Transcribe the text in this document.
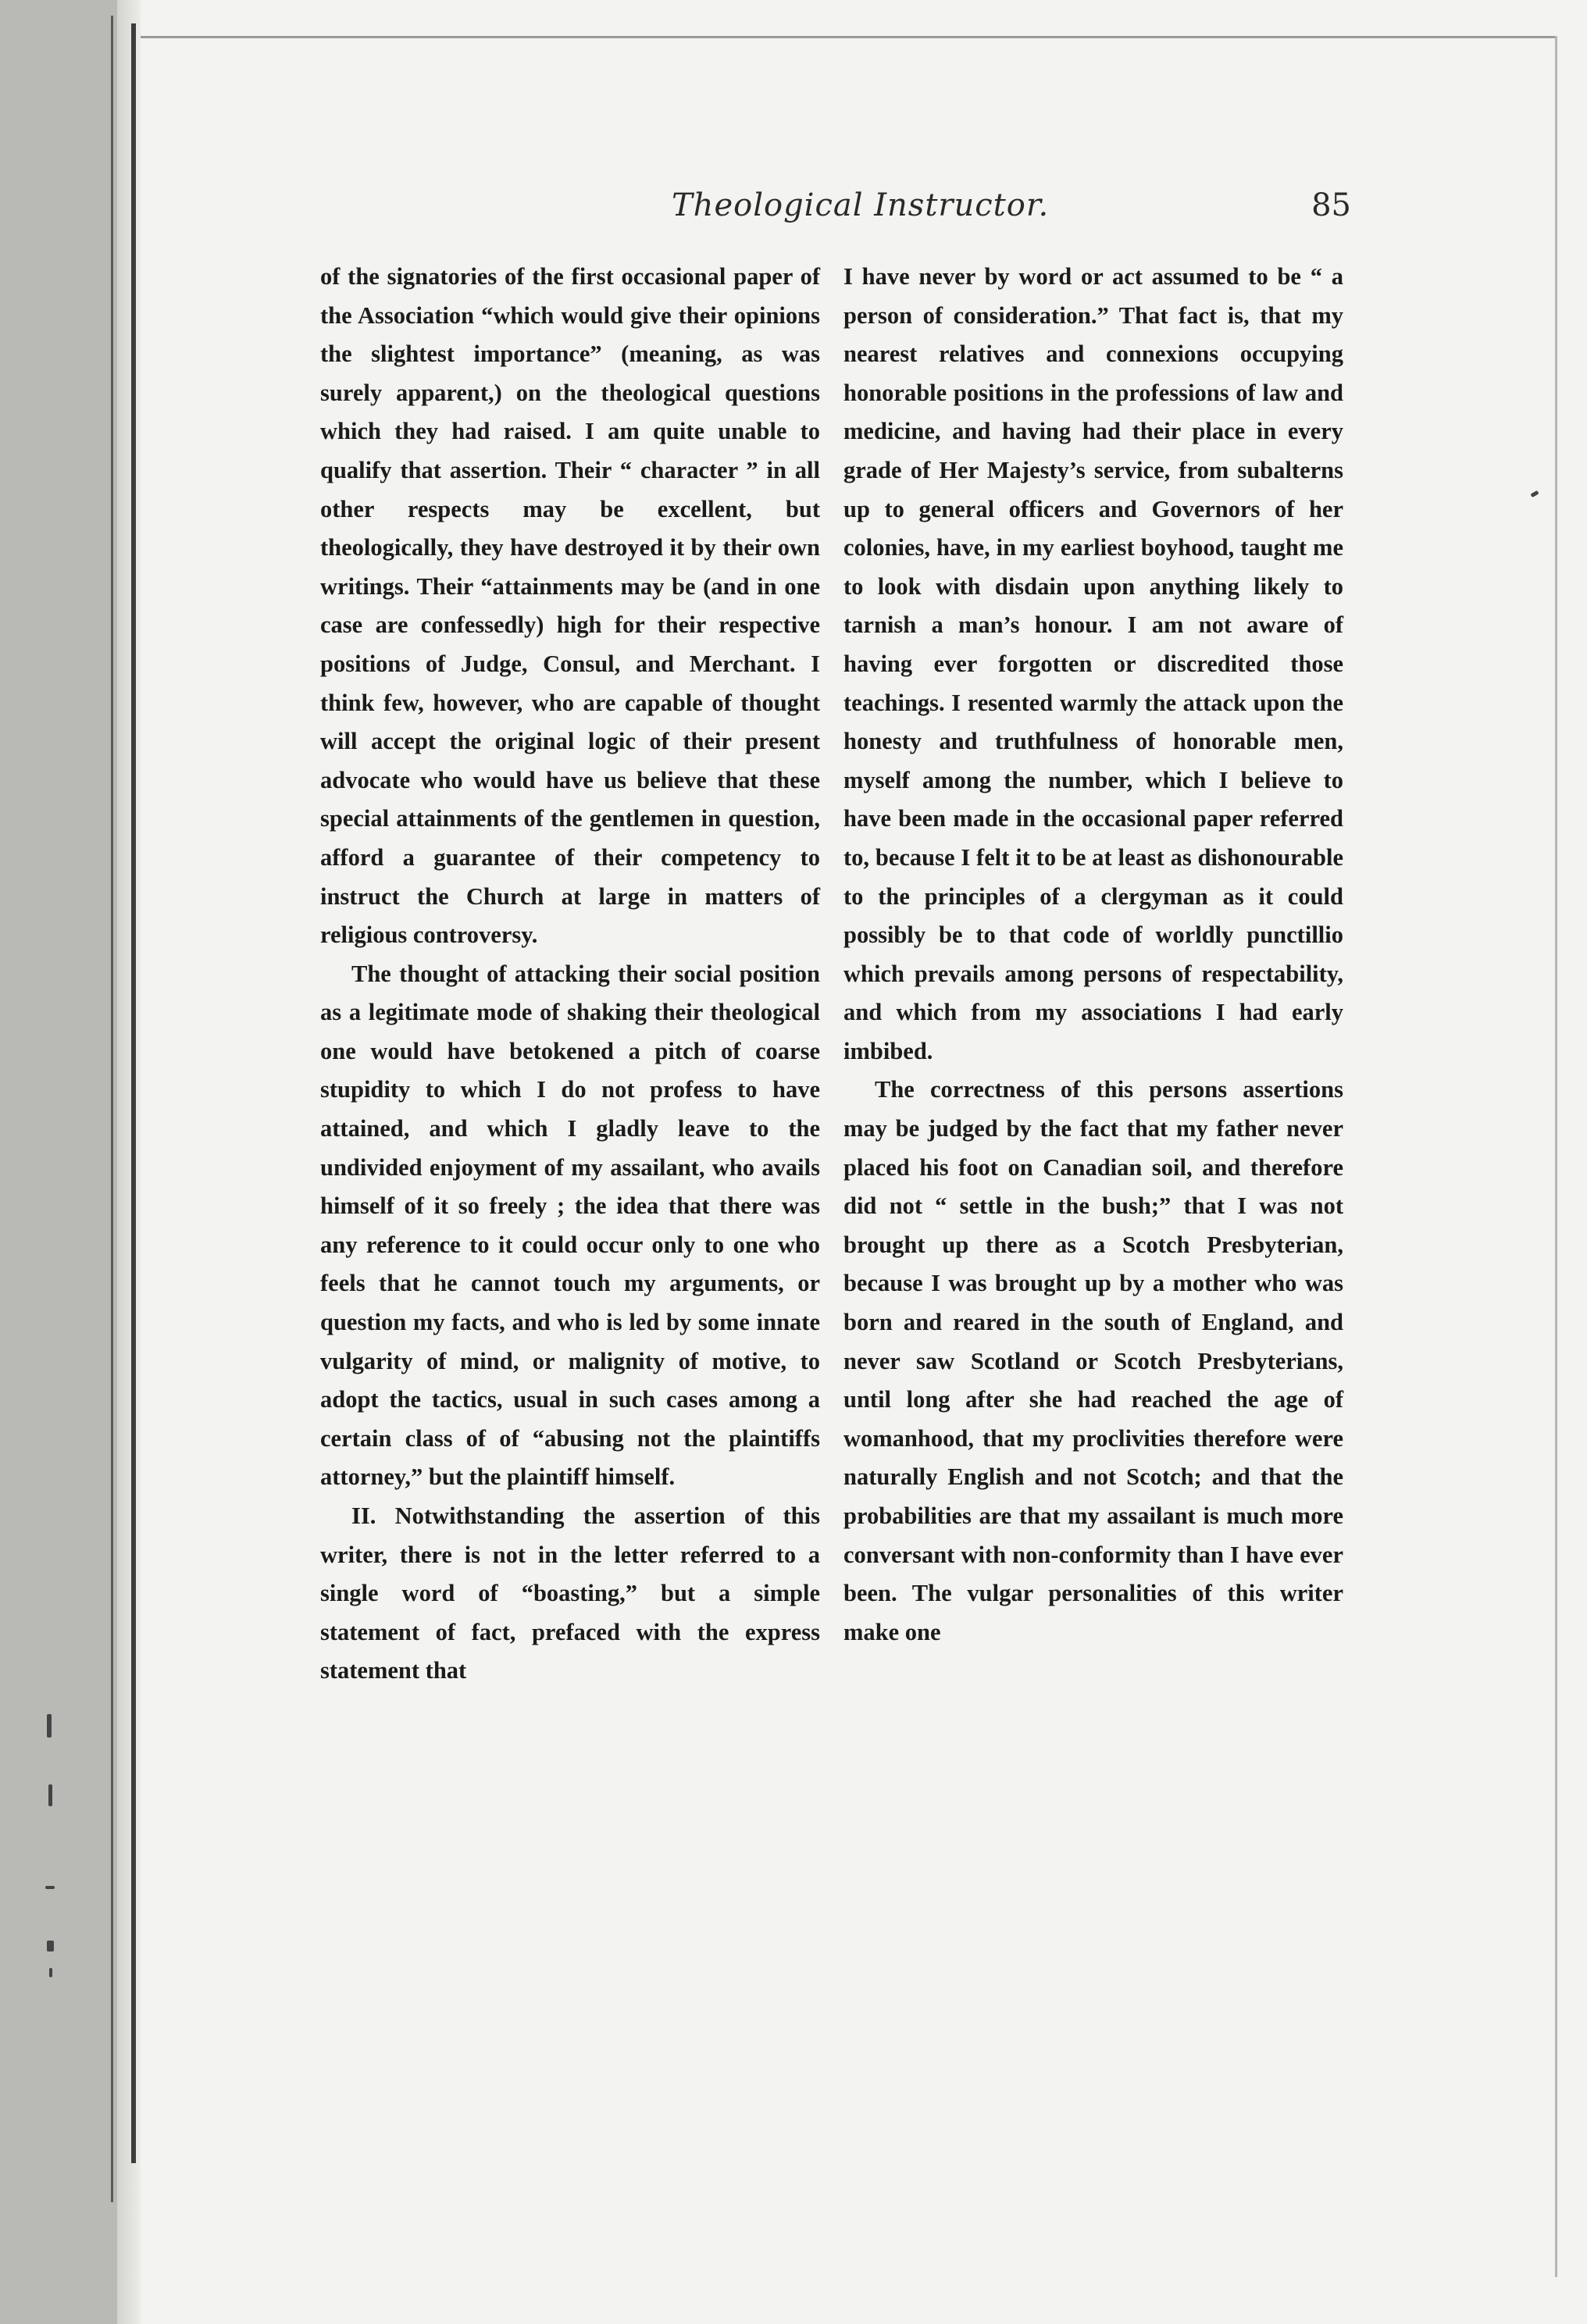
Theological Instructor.	85

of the signatories of the first occasional paper of the Association “which would give their opinions the slightest importance” (meaning, as was surely apparent,) on the theological questions which they had raised. I am quite unable to qualify that assertion. Their “ character ” in all other respects may be excellent, but theologically, they have destroyed it by their own writings. Their “attainments may be (and in one case are confessedly) high for their respective positions of Judge, Consul, and Merchant. I think few, however, who are capable of thought will accept the original logic of their present advocate who would have us believe that these special attainments of the gentlemen in question, afford a guarantee of their competency to instruct the Church at large in matters of religious controversy.

The thought of attacking their social position as a legitimate mode of shaking their theological one would have betokened a pitch of coarse stupidity to which I do not profess to have attained, and which I gladly leave to the undivided enjoyment of my assailant, who avails himself of it so freely ; the idea that there was any reference to it could occur only to one who feels that he cannot touch my arguments, or question my facts, and who is led by some innate vulgarity of mind, or malignity of motive, to adopt the tactics, usual in such cases among a certain class of of “abusing not the plaintiffs attorney,” but the plaintiff himself.

II. Notwithstanding the assertion of this writer, there is not in the letter referred to a single word of “boasting,” but a simple statement of fact, prefaced with the express statement that

I have never by word or act assumed to be “ a person of consideration.” That fact is, that my nearest relatives and connexions occupying honorable positions in the professions of law and medicine, and having had their place in every grade of Her Majesty’s service, from subalterns up to general officers and Governors of her colonies, have, in my earliest boyhood, taught me to look with disdain upon anything likely to tarnish a man’s honour. I am not aware of having ever forgotten or discredited those teachings. I resented warmly the attack upon the honesty and truthfulness of honorable men, myself among the number, which I believe to have been made in the occasional paper referred to, because I felt it to be at least as dishonourable to the principles of a clergyman as it could possibly be to that code of worldly punctillio which prevails among persons of respectability, and which from my associations I had early imbibed.

The correctness of this persons assertions may be judged by the fact that my father never placed his foot on Canadian soil, and therefore did not “ settle in the bush;” that I was not brought up there as a Scotch Presbyterian, because I was brought up by a mother who was born and reared in the south of England, and never saw Scotland or Scotch Presbyterians, until long after she had reached the age of womanhood, that my proclivities therefore were naturally English and not Scotch; and that the probabilities are that my assailant is much more conversant with non-conformity than I have ever been. The vulgar personalities of this writer make one
